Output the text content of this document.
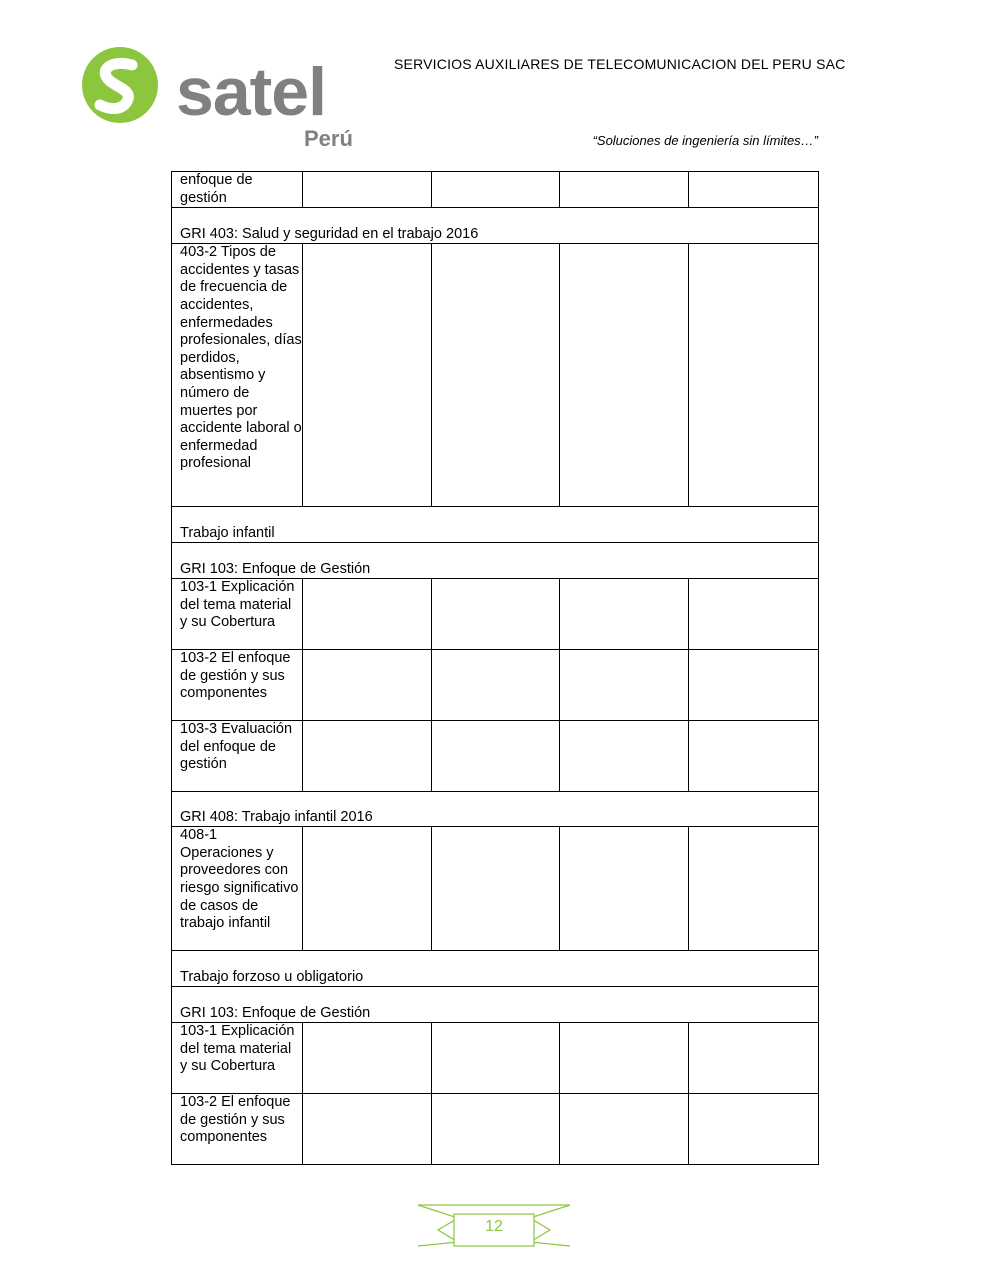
satel
Perú
SERVICIOS AUXILIARES DE TELECOMUNICACION DEL PERU SAC
“Soluciones de ingeniería sin límites…”
enfoque de gestión				
GRI 403: Salud y seguridad en el trabajo 2016				
403-2 Tipos de accidentes y tasas de frecuencia de accidentes, enfermedades profesionales, días perdidos, absentismo y número de muertes por accidente laboral o enfermedad profesional				
Trabajo infantil				
GRI 103: Enfoque de Gestión				
103-1 Explicación del tema material y su Cobertura				
103-2 El enfoque de gestión y sus componentes				
103-3 Evaluación del enfoque de gestión				
GRI 408: Trabajo infantil 2016				
408-1 Operaciones y proveedores con riesgo significativo de casos de trabajo infantil				
Trabajo forzoso u obligatorio				
GRI 103: Enfoque de Gestión				
103-1 Explicación del tema material y su Cobertura				
103-2 El enfoque de gestión y sus componentes				
12
